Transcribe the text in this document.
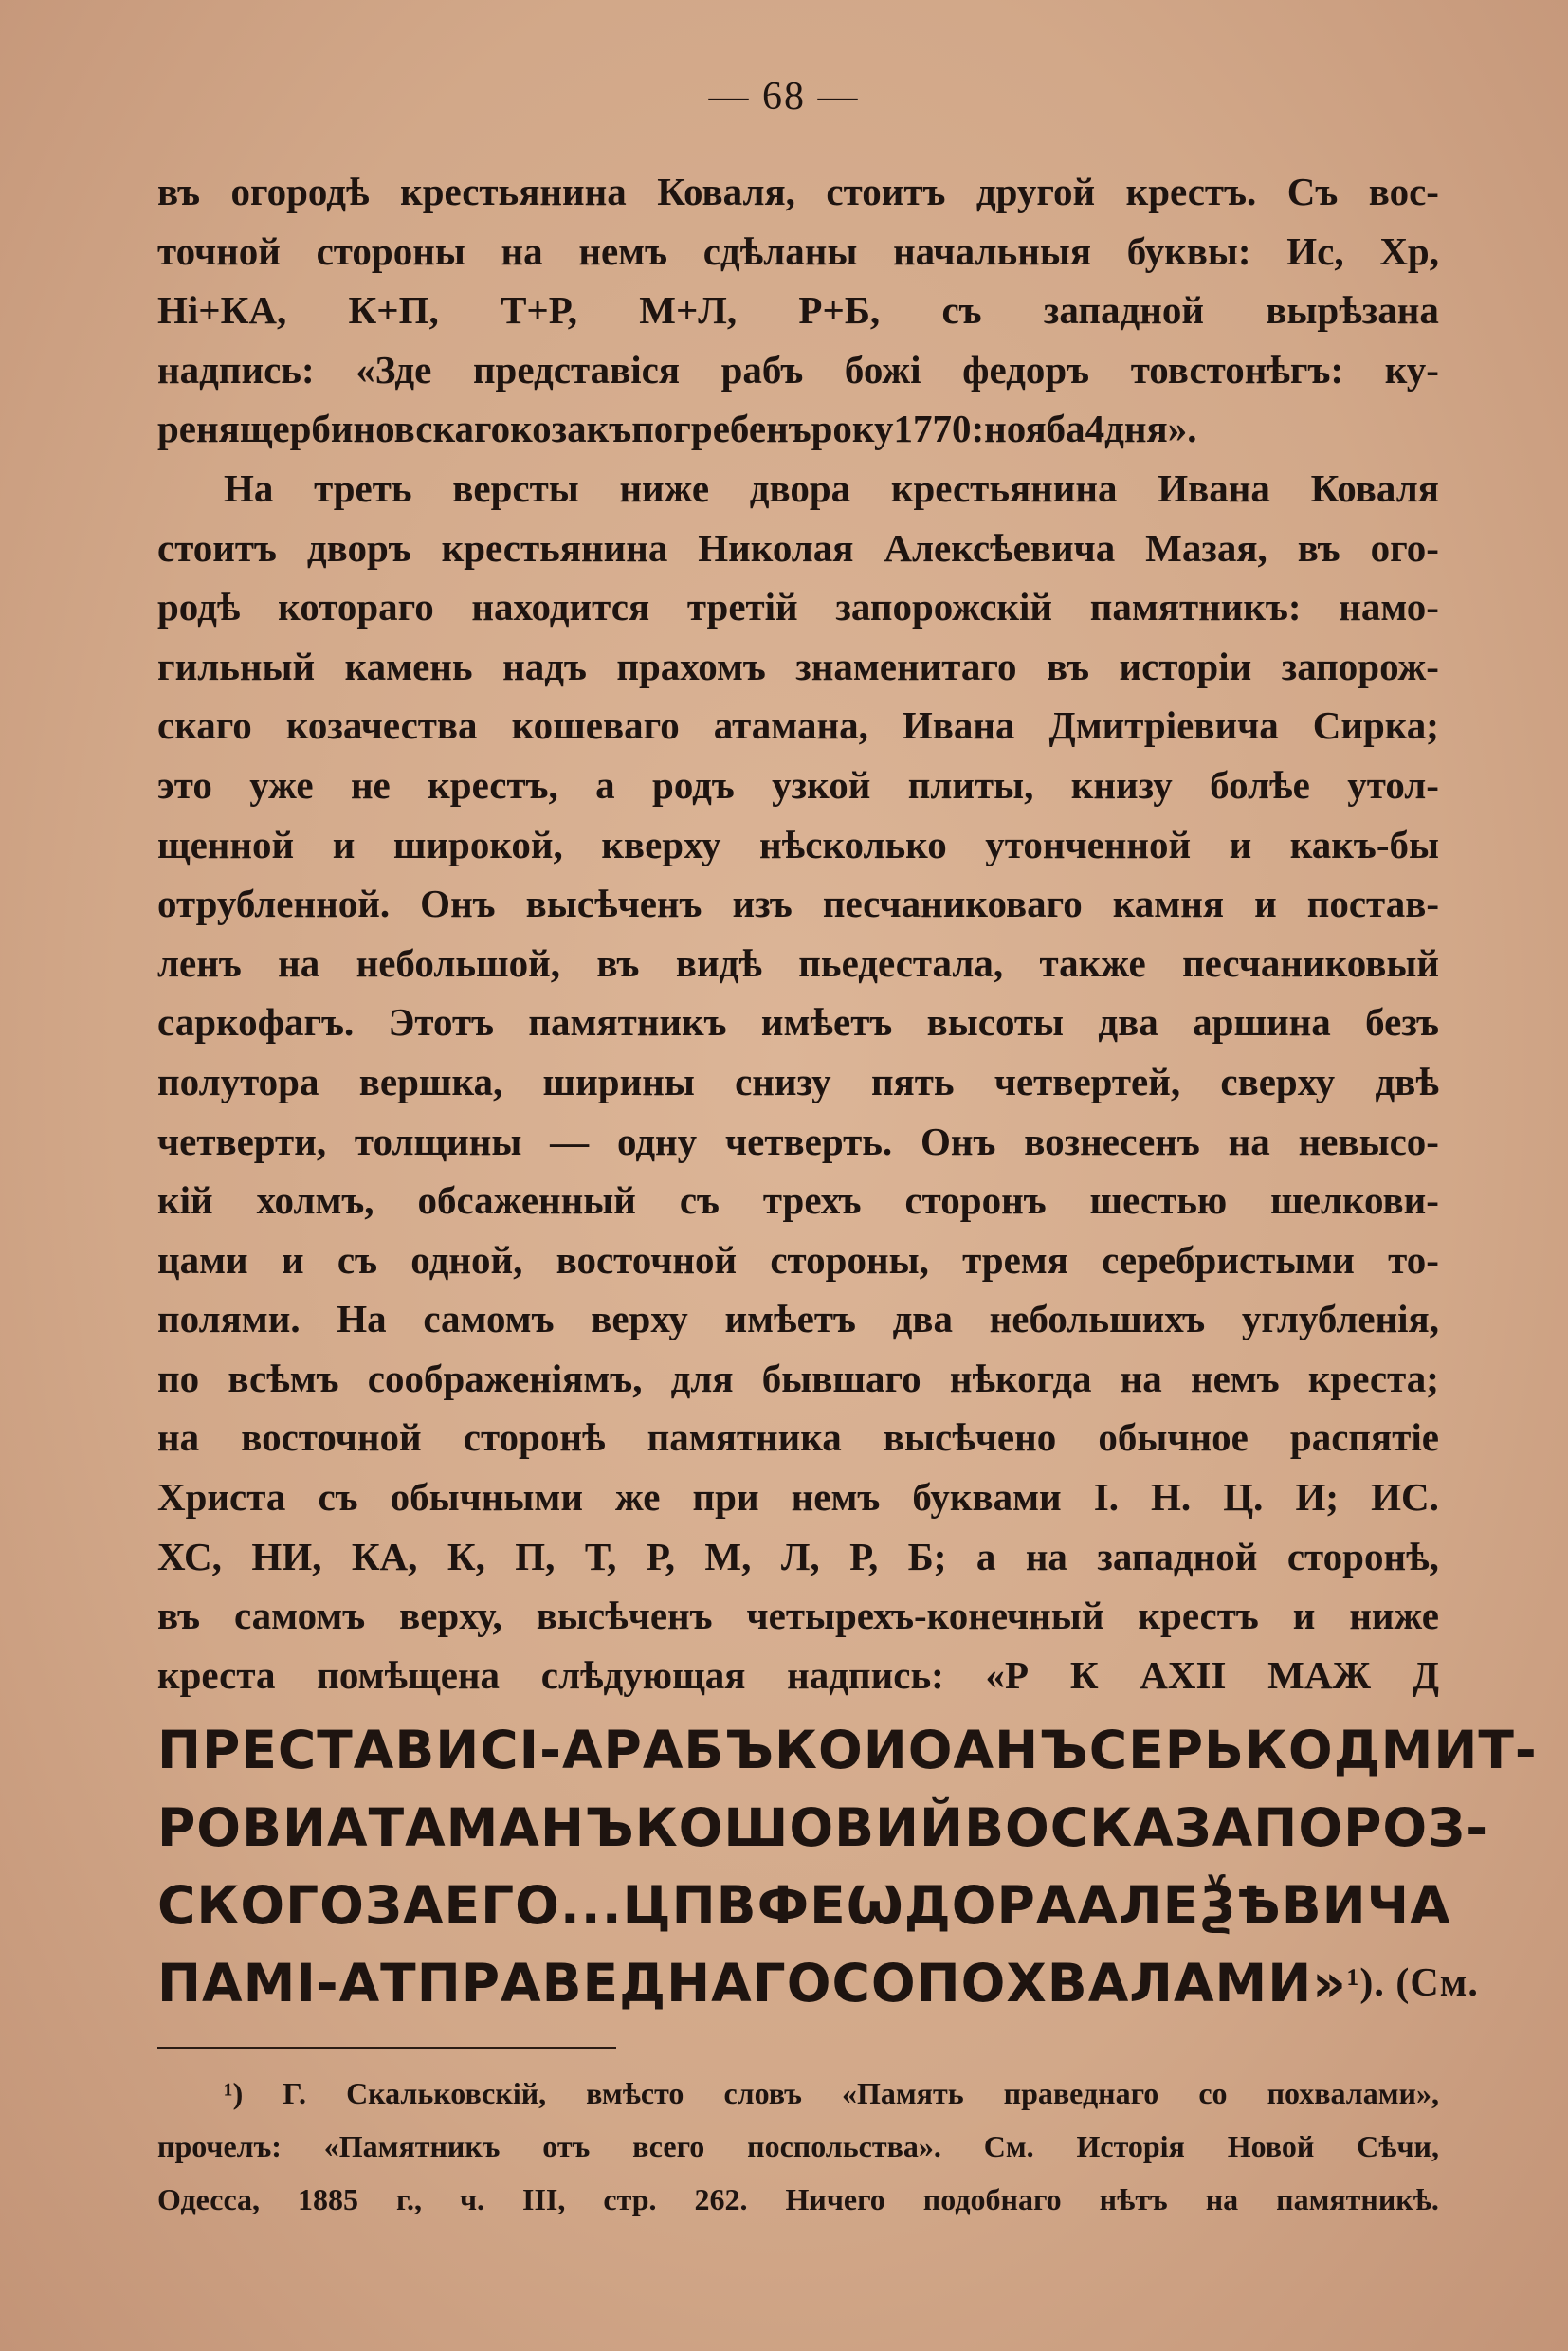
— 68 —
въ огородѣ крестьянина Коваля, стоитъ другой крестъ. Съ вос-
точной стороны на немъ сдѣланы начальныя буквы: Ис, Хр,
Ні+КА, К+П, Т+Р, М+Л, Р+Б, съ западной вырѣзана
надпись: «Зде представіся рабъ божі федоръ товстонѣгъ: ку-
реня щербиновскаго козакъ погребенъ року 1770: нояба 4 дня».
На треть версты ниже двора крестьянина Ивана Коваля
стоитъ дворъ крестьянина Николая Алексѣевича Мазая, въ ого-
родѣ котораго находится третій запорожскій памятникъ: намо-
гильный камень надъ прахомъ знаменитаго въ исторіи запорож-
скаго козачества кошеваго атамана, Ивана Дмитріевича Сирка;
это уже не крестъ, а родъ узкой плиты, книзу болѣе утол-
щенной и широкой, кверху нѣсколько утонченной и какъ-бы
отрубленной. Онъ высѣченъ изъ песчаниковаго камня и постав-
ленъ на небольшой, въ видѣ пьедестала, также песчаниковый
саркофагъ. Этотъ памятникъ имѣетъ высоты два аршина безъ
полутора вершка, ширины снизу пять четвертей, сверху двѣ
четверти, толщины — одну четверть. Онъ вознесенъ на невысо-
кій холмъ, обсаженный съ трехъ сторонъ шестью шелкови-
цами и съ одной, восточной стороны, тремя серебристыми то-
полями. На самомъ верху имѣетъ два небольшихъ углубленія,
по всѣмъ соображеніямъ, для бывшаго нѣкогда на немъ креста;
на восточной сторонѣ памятника высѣчено обычное распятіе
Христа съ обычными же при немъ буквами І. Н. Ц. И; ИС.
ХС, НИ, КА, К, П, Т, Р, М, Л, Р, Б; а на западной сторонѣ,
въ самомъ верху, высѣченъ четырехъ-конечный крестъ и ниже
креста помѣщена слѣдующая надпись: «Р К АХII МАЖ Д
ПРЕСТАВИСІ-А РАБЪ КО ИОАНЪ СЕРЬКО ДМИТ-
РОВИ АТАМАНЪ КОШОВИЙ ВОСКА ЗАПОРОЗ-
СКОГО ЗА ЕГО... Ц П В ФЕѠДОРА АЛЕѮѢВИЧА
ПАМІ-АТ ПРАВЕДНАГО СО ПОХВАЛАМИ» ¹). (См.
¹) Г. Скальковскій, вмѣсто словъ «Память праведнаго со похвалами»,
прочелъ: «Памятникъ отъ всего поспольства». См. Исторія Новой Сѣчи,
Одесса, 1885 г., ч. III, стр. 262. Ничего подобнаго нѣтъ на памятникѣ.
